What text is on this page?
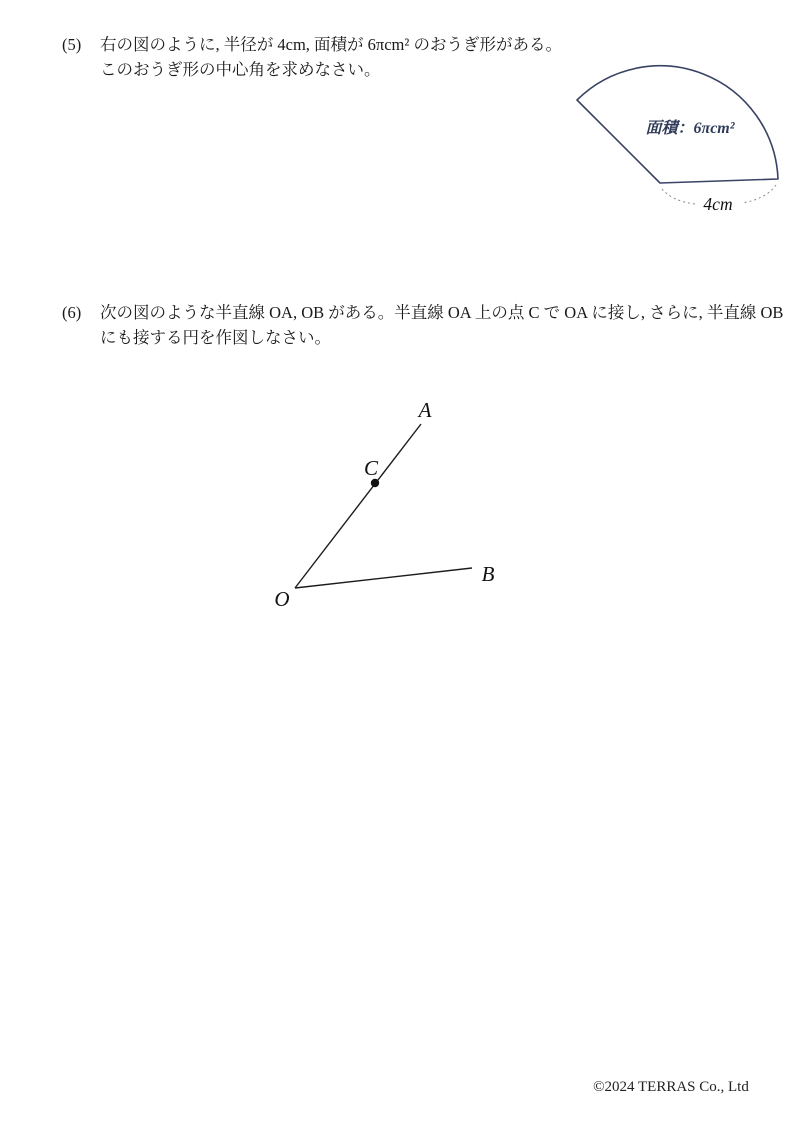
(5) 右の図のように, 半径が 4cm, 面積が 6πcm² のおうぎ形がある。
このおうぎ形の中心角を求めなさい。
面積：6πcm²
4cm
(6) 次の図のような半直線 OA, OB がある。半直線 OA 上の点 C で OA に接し, さらに, 半直線 OB
にも接する円を作図しなさい。
A
C
B
O
©2024 TERRAS Co., Ltd
